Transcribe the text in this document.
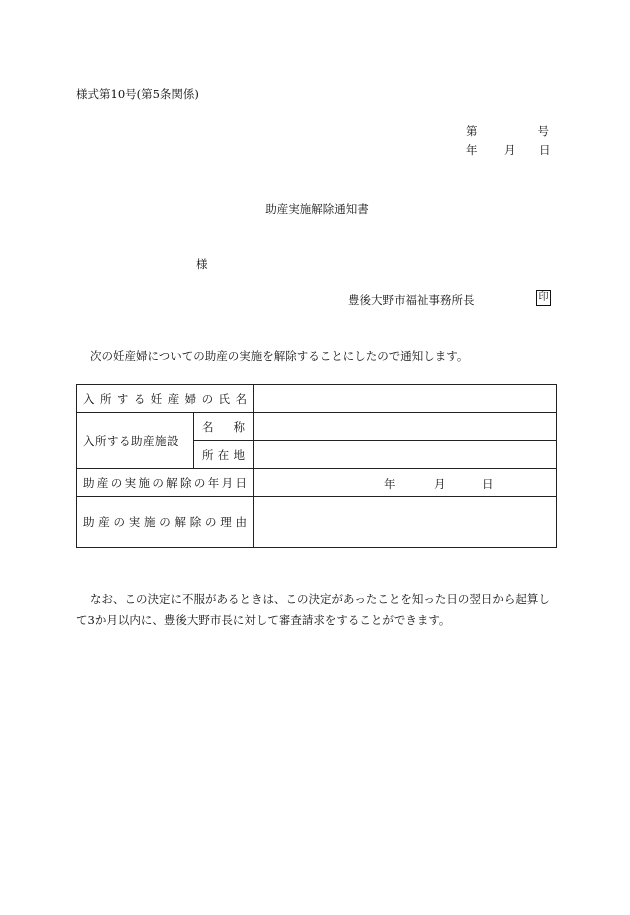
様式第10号(第5条関係)
第	号
年 月 日
助産実施解除通知書
様
豊後大野市福祉事務所長	印
次の妊産婦についての助産の実施を解除することにしたので通知します。
入所する妊産婦の氏名		
入所する助産施設	名 称	

	所在地	
助産の実施の解除の年月日		年 月 日

助産の実施の解除の理由		
なお、この決定に不服があるときは、この決定があったことを知った日の翌日から起算して3か月以内に、豊後大野市長に対して審査請求をすることができます。
